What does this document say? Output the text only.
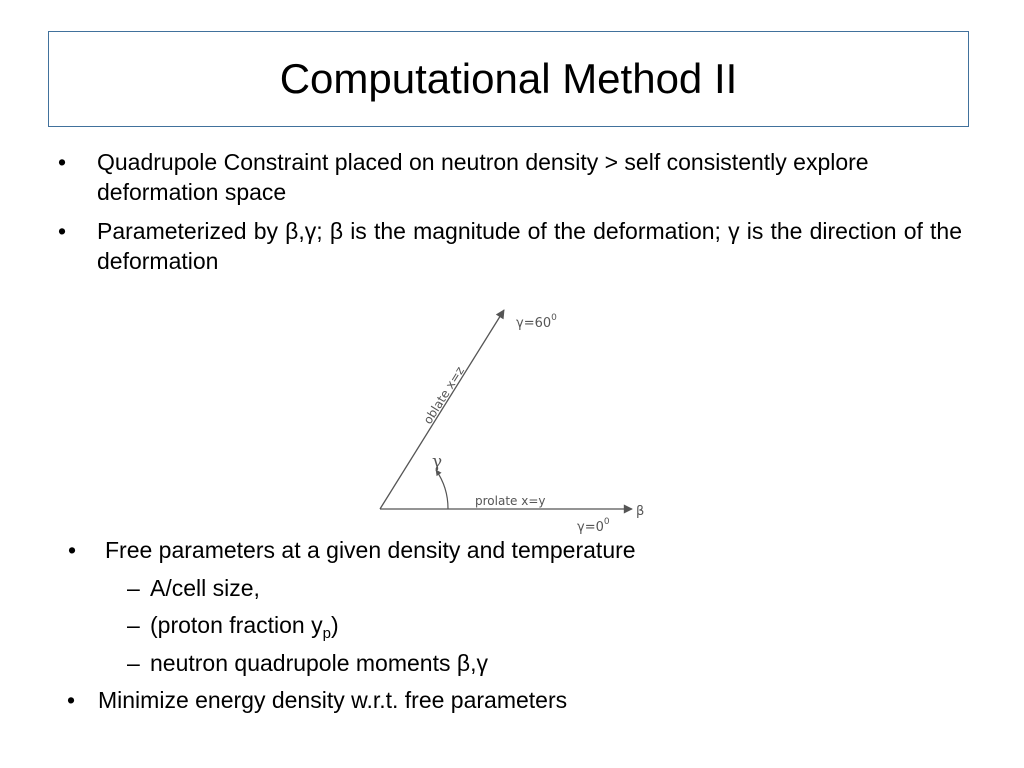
Computational Method II
• Quadrupole Constraint placed on neutron density > self consistently explore deformation space
• Parameterized by β,γ; β is the magnitude of the deformation; γ is the direction of the deformation
$\gamma=60^0$
oblate x=z
γ
prolate x=y
β
$\gamma=0^0$
• Free parameters at a given density and temperature
– A/cell size,
– (proton fraction $y_p$)
– neutron quadrupole moments β,γ
• Minimize energy density w.r.t. free parameters
